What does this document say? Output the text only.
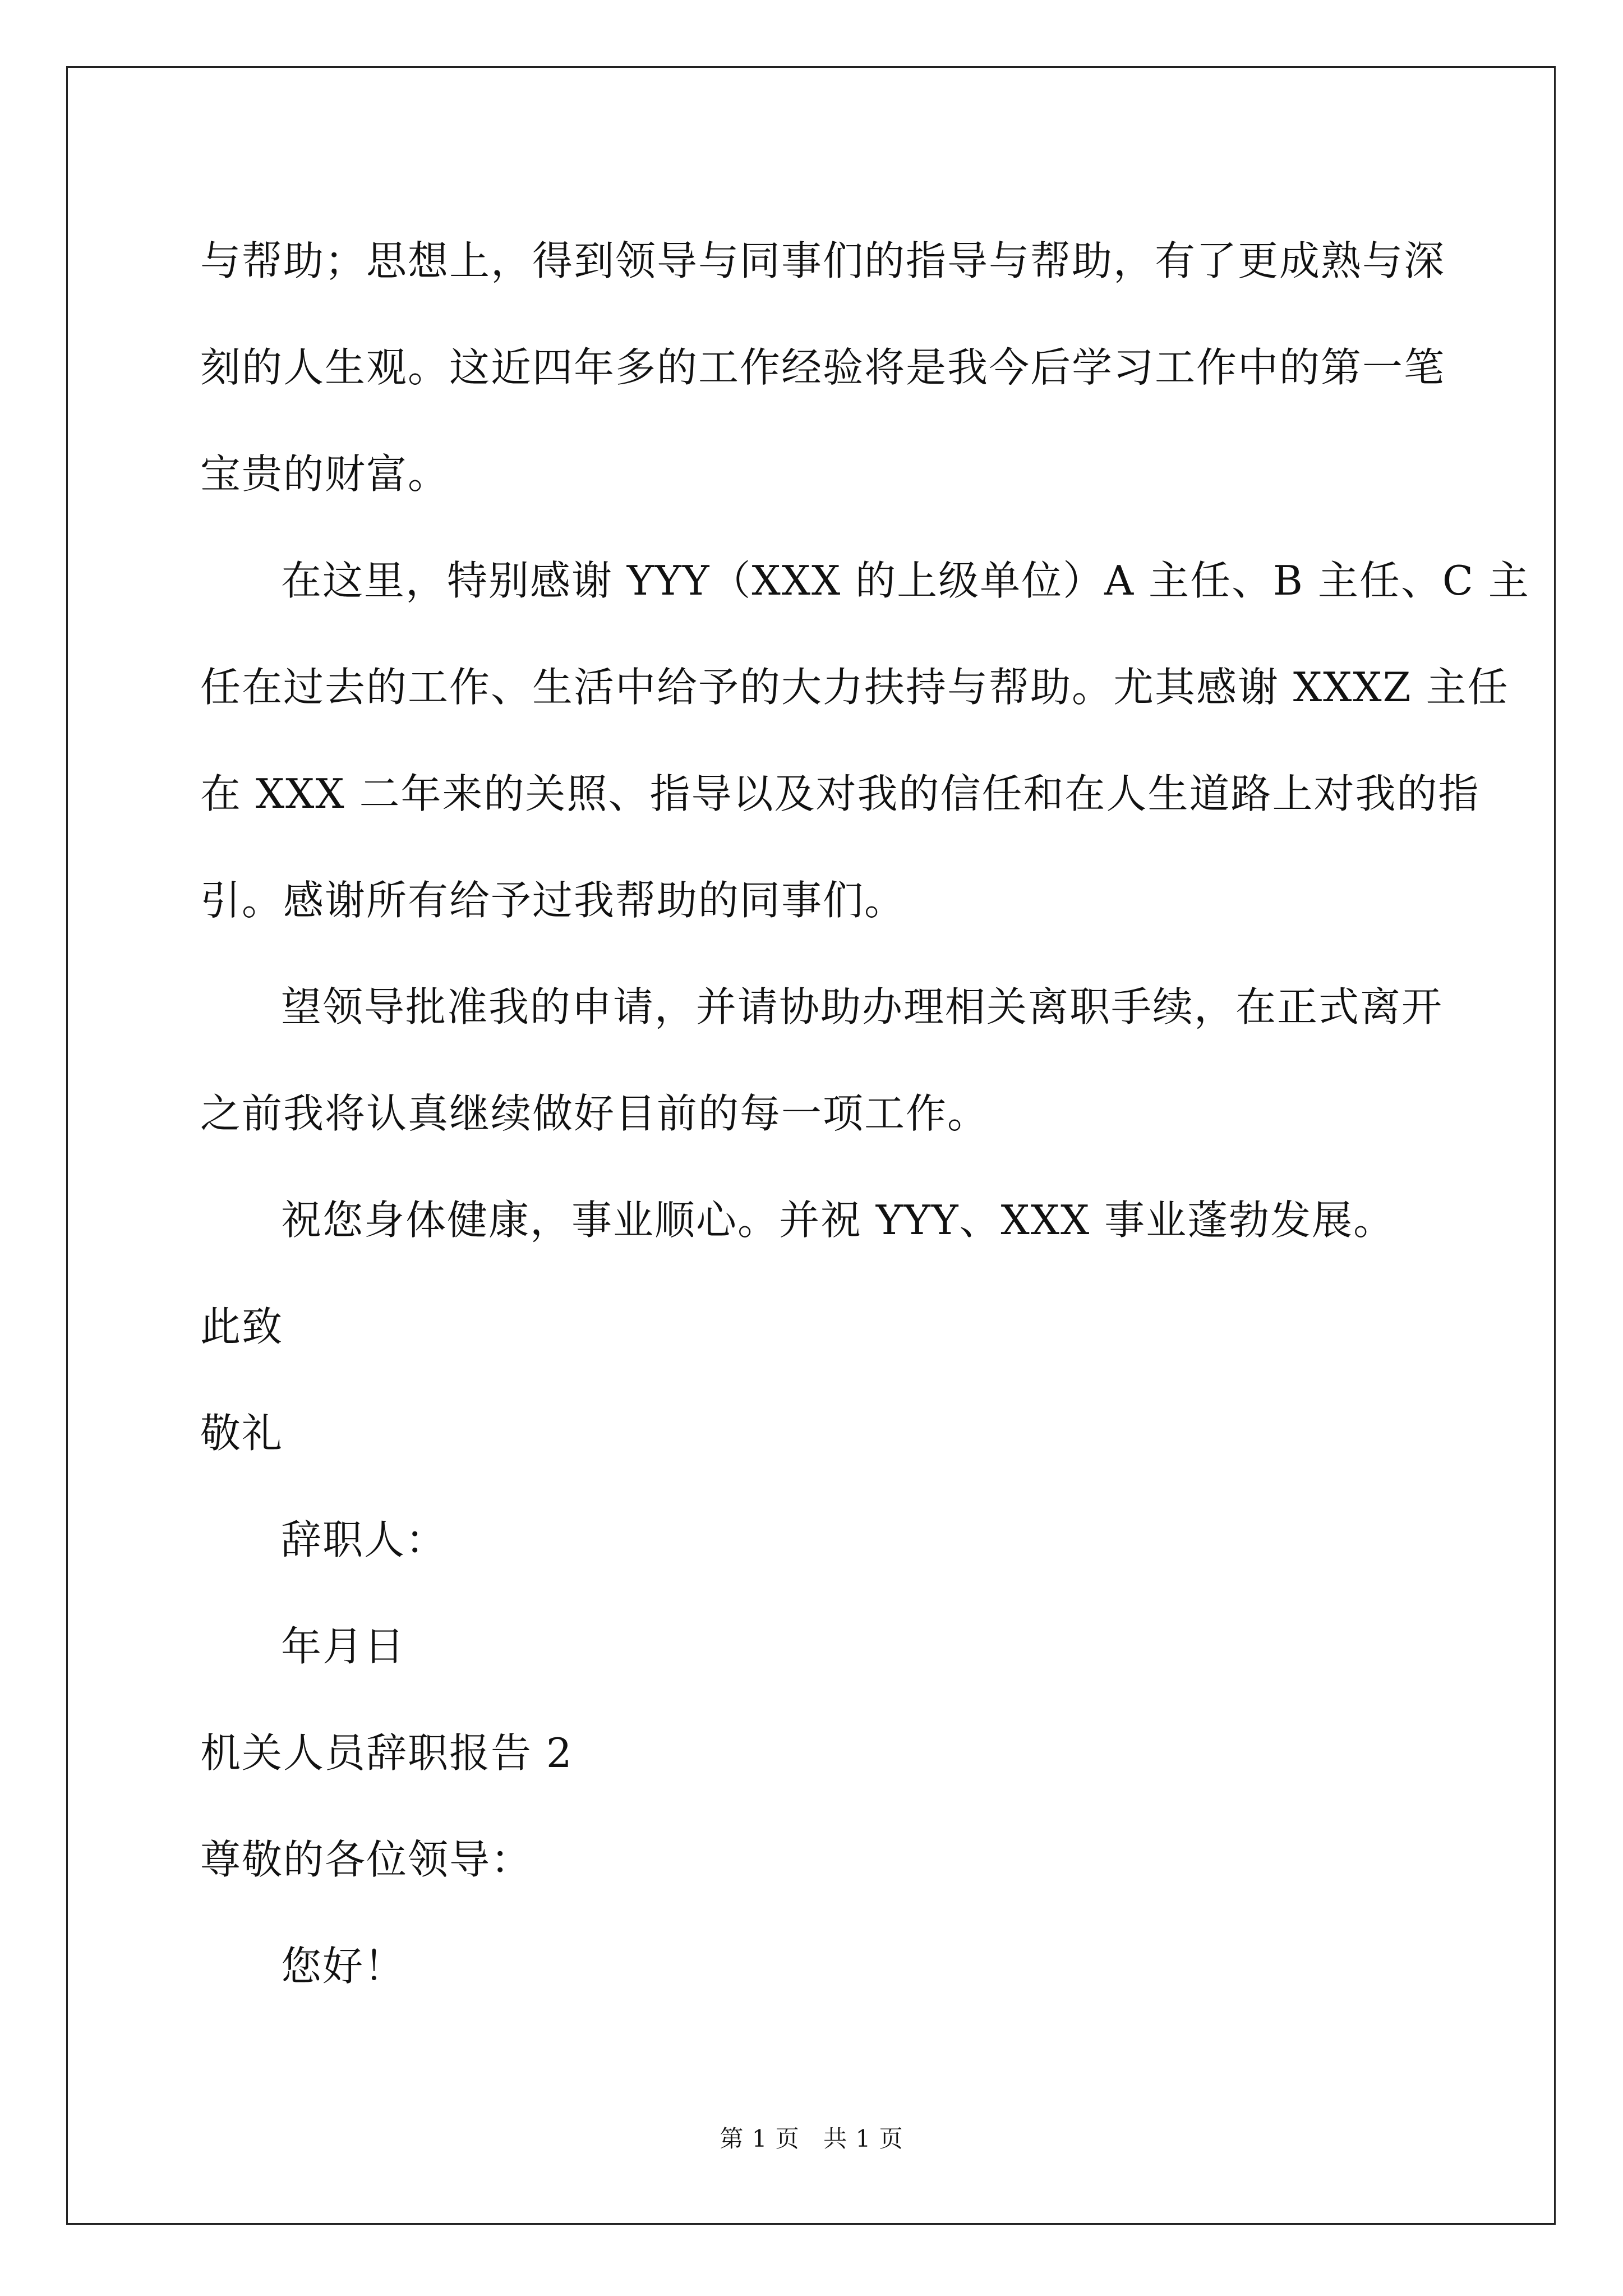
与帮助；思想上，得到领导与同事们的指导与帮助，有了更成熟与深
刻的人生观。这近四年多的工作经验将是我今后学习工作中的第一笔
宝贵的财富。
在这里，特别感谢 YYY（XXX 的上级单位）A 主任、B 主任、C 主
任在过去的工作、生活中给予的大力扶持与帮助。尤其感谢 XXXZ 主任
在 XXX 二年来的关照、指导以及对我的信任和在人生道路上对我的指
引。感谢所有给予过我帮助的同事们。
望领导批准我的申请，并请协助办理相关离职手续，在正式离开
之前我将认真继续做好目前的每一项工作。
祝您身体健康，事业顺心。并祝 YYY、XXX 事业蓬勃发展。
此致
敬礼
辞职人：
年月日
机关人员辞职报告 2
尊敬的各位领导：
您好！
第 1 页 共 1 页
